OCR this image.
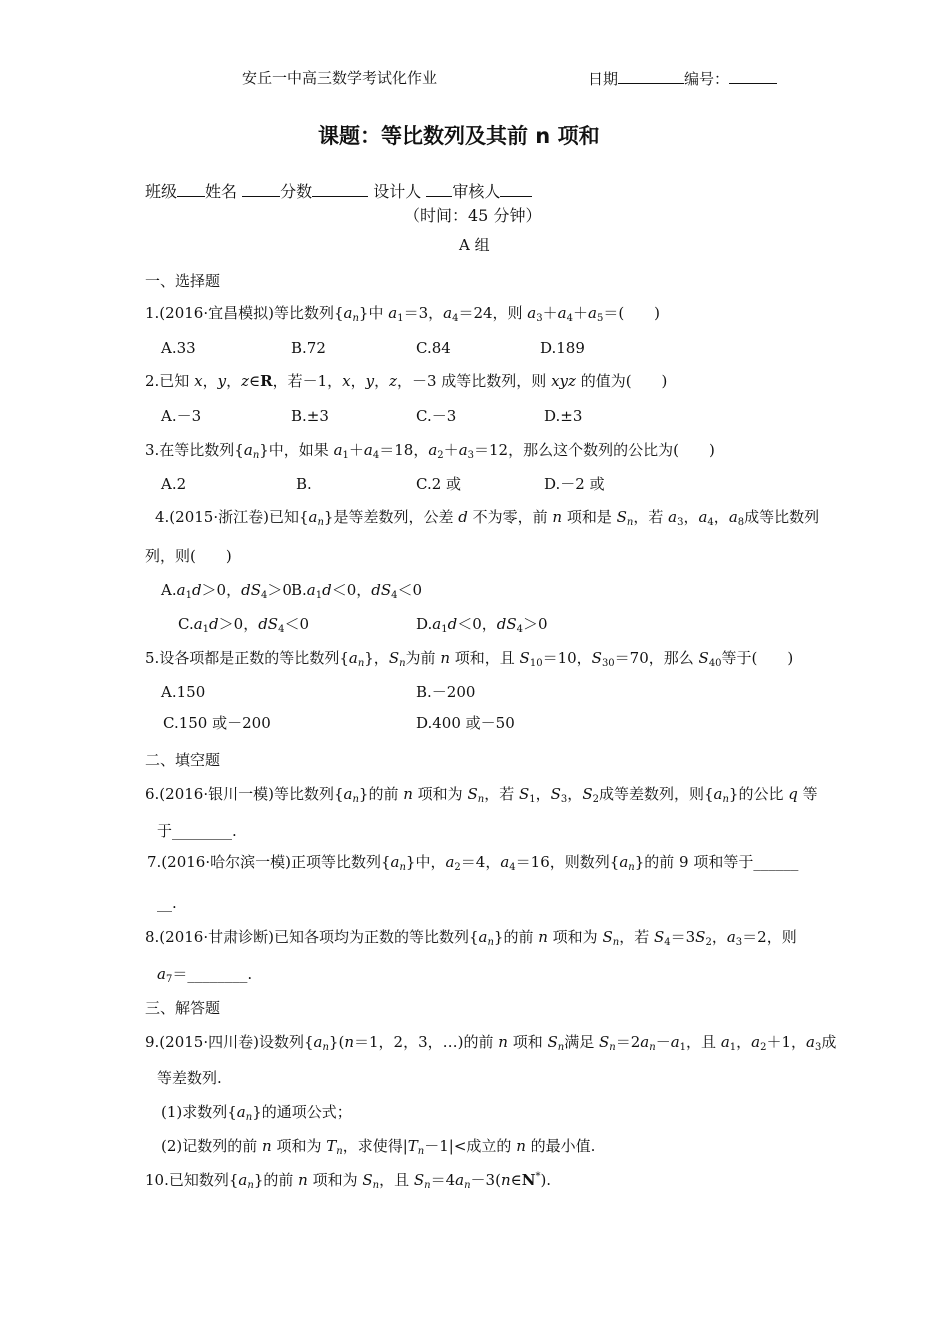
安丘一中高三数学考试化作业	日期	编号：
课题：等比数列及其前 n 项和
班级 姓名	分数	设计人 审核人
（时间：45 分钟）
A 组
一、选择题
1.(2016·宜昌模拟)等比数列$\{a_n\}$中 $a_1=3$，$a_4=24$，则 $a_3+a_4+a_5=$(　　)
A.33	B.72	C.84	D.189
2.已知 x，y，z∈R，若－1，x，y，z，－3 成等比数列，则 xyz 的值为(　　)
A.－3	B.±3	C.－3	D.±3
3.在等比数列$\{a_n\}$中，如果 $a_1+a_4=18$，$a_2+a_3=12$，那么这个数列的公比为(　　)
A.2	B.	C.2 或	D.－2 或
4.(2015·浙江卷)已知$\{a_n\}$是等差数列，公差 d 不为零，前 n 项和是 $S_n$，若 $a_3$，$a_4$，$a_8$成等比数列
列，则(　　)
$A.a_1d>0$，$dS_4>0$ $B.a_1d<0$，$dS_4<0$
$C.a_1d>0$，$dS_4<0$	$D.a_1d<0$，$dS_4>0$
5.设各项都是正数的等比数列$\{a_n\}$，$S_n$为前 n 项和，且 $S_{10}=10$，$S_{30}=70$，那么 $S_{40}$等于(　　)
A.150	B.－200
C.150 或－200	D.400 或－50
二、填空题
6.(2016·银川一模)等比数列$\{a_n\}$的前 n 项和为 $S_n$，若 $S_1$，$S_3$，$S_2$成等差数列，则$\{a_n\}$的公比 q 等
于________.
7.(2016·哈尔滨一模)正项等比数列$\{a_n\}$中，$a_2=4$，$a_4=16$，则数列$\{a_n\}$的前 9 项和等于______
__.
8.(2016·甘肃诊断)已知各项均为正数的等比数列$\{a_n\}$的前 n 项和为 $S_n$，若 $S_4=3S_2$，$a_3=2$，则
$a_7=\_\_\_\_\_\_\_\_$.
三、解答题
9.(2015·四川卷)设数列$\{a_n\}(n=1$，2，3，…)的前 n 项和 $S_n$满足 $S_n=2a_n-a_1$，且 $a_1$，$a_2+1$，$a_3$成
等差数列.
(1)求数列$\{a_n\}$的通项公式；
(2)记数列的前 n 项和为 $T_n$，求使得$|T_n-1|<$成立的 n 的最小值.
10.已知数列$\{a_n\}$的前 n 项和为 $S_n$，且 $S_n=4a_n-3(n\in N^*)$.
